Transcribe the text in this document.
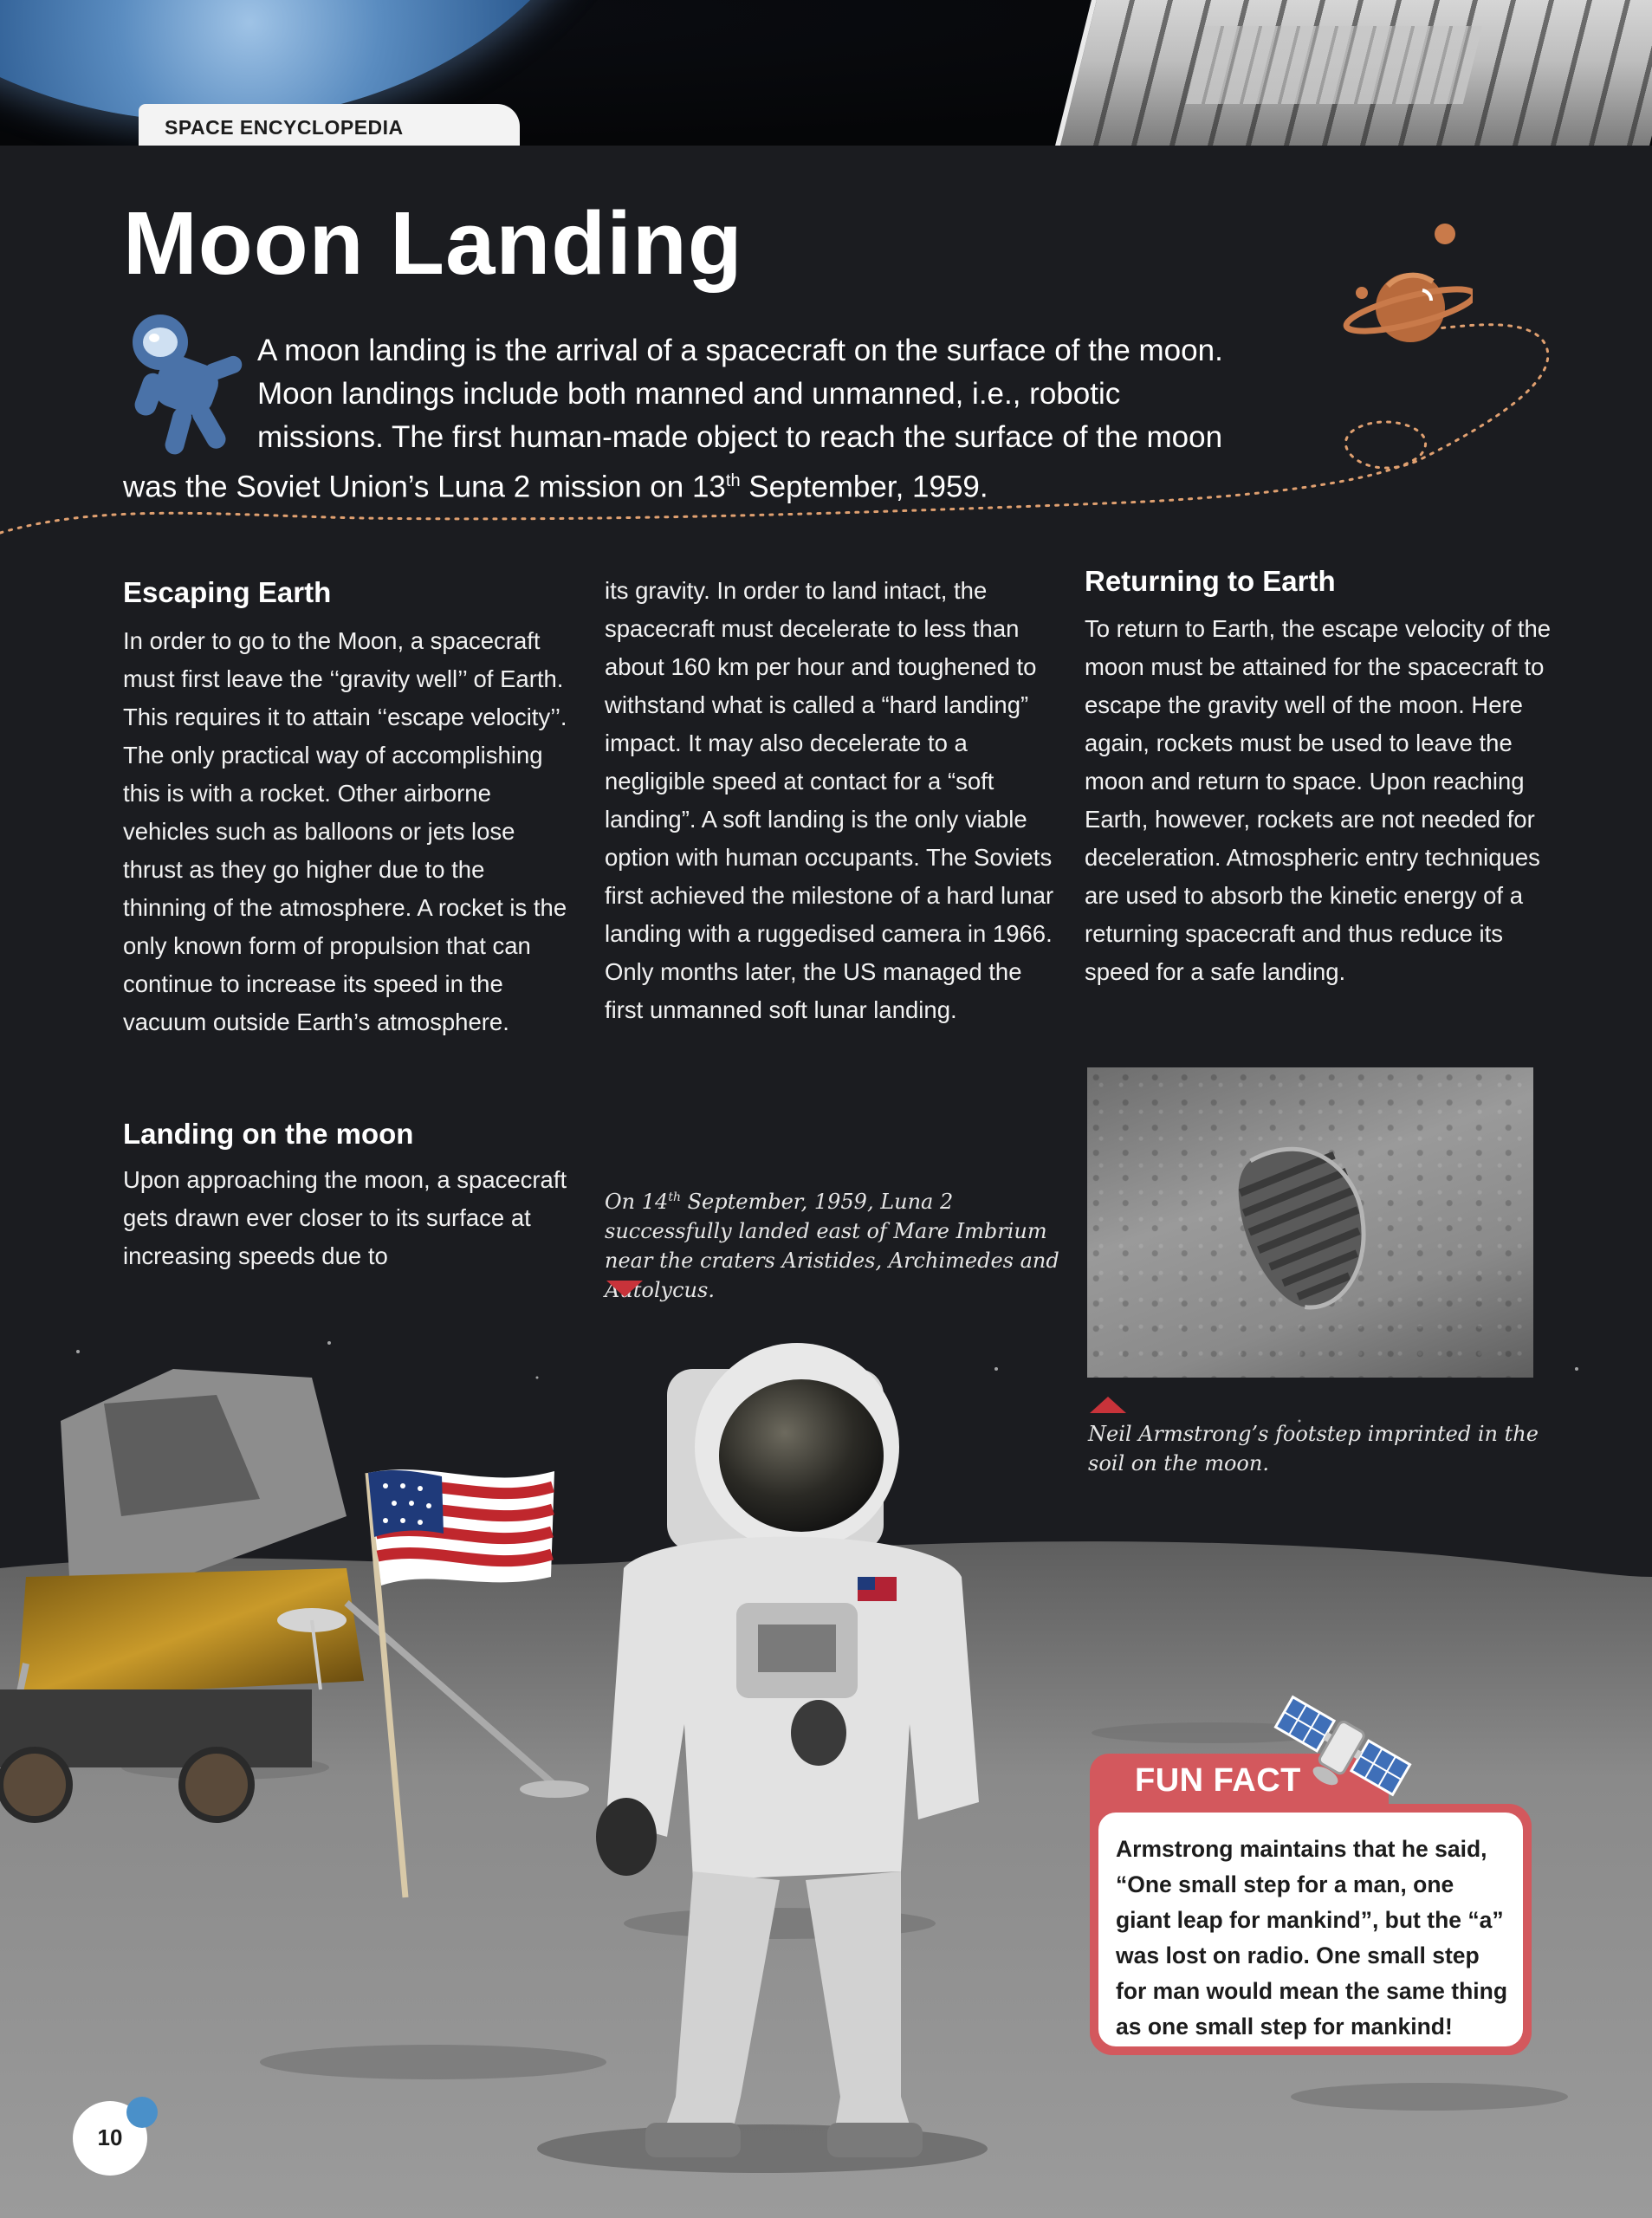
SPACE ENCYCLOPEDIA
Moon Landing
A moon landing is the arrival of a spacecraft on the surface of the moon. Moon landings include both manned and unmanned, i.e., robotic missions. The first human-made object to reach the surface of the moon was the Soviet Union’s Luna 2 mission on 13th September, 1959.
Escaping Earth
In order to go to the Moon, a spacecraft must first leave the ‘‘gravity well’’ of Earth. This requires it to attain ‘‘escape velocity’’. The only practical way of accomplishing this is with a rocket. Other airborne vehicles such as balloons or jets lose thrust as they go higher due to the thinning of the atmosphere. A rocket is the only known form of propulsion that can continue to increase its speed in the vacuum outside Earth’s atmosphere.
Landing on the moon
Upon approaching the moon, a spacecraft gets drawn ever closer to its surface at increasing speeds due to
its gravity. In order to land intact, the spacecraft must decelerate to less than about 160 km per hour and toughened to withstand what is called a “hard landing” impact. It may also decelerate to a negligible speed at contact for a “soft landing”. A soft landing is the only viable option with human occupants. The Soviets first achieved the milestone of a hard lunar landing with a ruggedised camera in 1966. Only months later, the US managed the first unmanned soft lunar landing.
Returning to Earth
To return to Earth, the escape velocity of the moon must be attained for the spacecraft to escape the gravity well of the moon. Here again, rockets must be used to leave the moon and return to space. Upon reaching Earth, however, rockets are not needed for deceleration. Atmospheric entry techniques are used to absorb the kinetic energy of a returning spacecraft and thus reduce its speed for a safe landing.
On 14th September, 1959, Luna 2 successfully landed east of Mare Imbrium near the craters Aristides, Archimedes and Autolycus.
Neil Armstrong’s footstep imprinted in the soil on the moon.
FUN FACT
Armstrong maintains that he said, “One small step for a man, one giant leap for mankind”, but the “a” was lost on radio. One small step for man would mean the same thing as one small step for mankind!
10
